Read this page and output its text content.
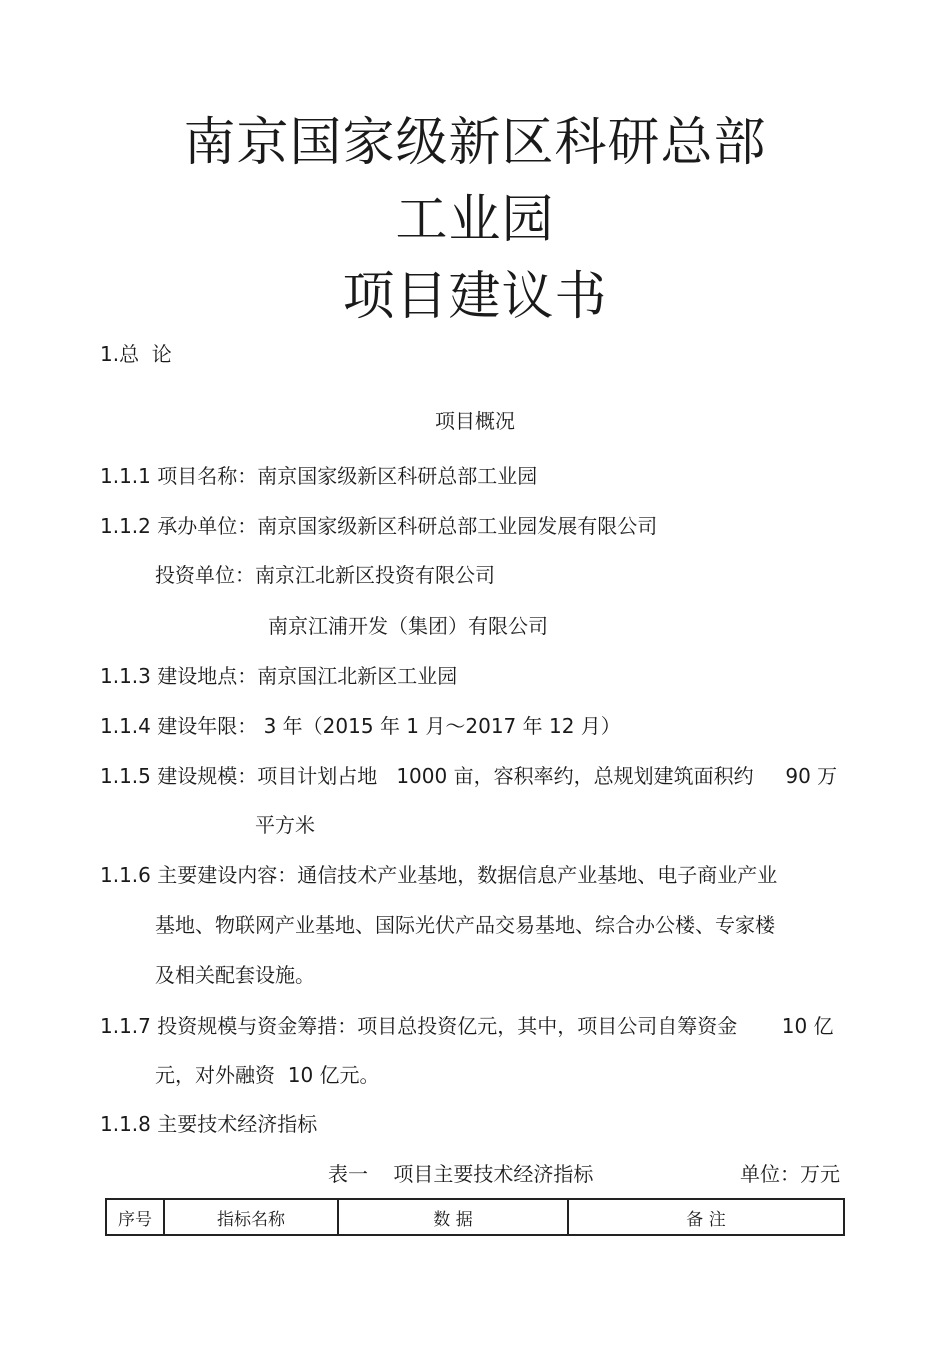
南京国家级新区科研总部
工业园
项目建议书
1.总  论
项目概况
1.1.1 项目名称：南京国家级新区科研总部工业园
1.1.2 承办单位：南京国家级新区科研总部工业园发展有限公司
投资单位：南京江北新区投资有限公司
南京江浦开发（集团）有限公司
1.1.3 建设地点：南京国江北新区工业园
1.1.4 建设年限： 3 年（2015 年 1 月～2017 年 12 月）
1.1.5 建设规模：项目计划占地   1000 亩，容积率约，总规划建筑面积约     90 万
平方米
1.1.6 主要建设内容：通信技术产业基地，数据信息产业基地、电子商业产业
基地、物联网产业基地、国际光伏产品交易基地、综合办公楼、专家楼
及相关配套设施。
1.1.7 投资规模与资金筹措：项目总投资亿元，其中，项目公司自筹资金       10 亿
元，对外融资  10 亿元。
1.1.8 主要技术经济指标
表一    项目主要技术经济指标	单位：万元
序号	指标名称	数 据	备 注
